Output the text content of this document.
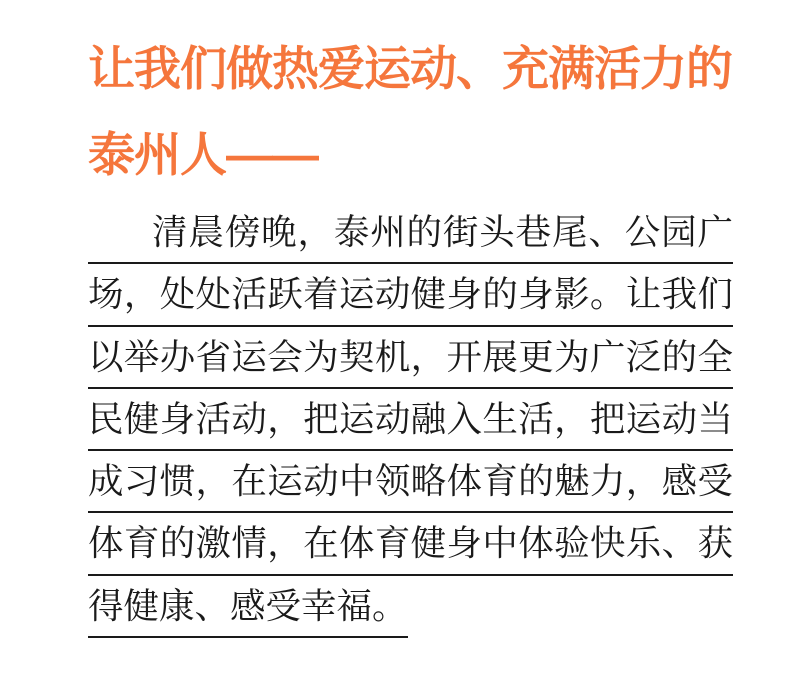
让我们做热爱运动、充满活力的
泰州人——
清晨傍晚，泰州的街头巷尾、公园广
场，处处活跃着运动健身的身影。让我们
以举办省运会为契机，开展更为广泛的全
民健身活动，把运动融入生活，把运动当
成习惯，在运动中领略体育的魅力，感受
体育的激情，在体育健身中体验快乐、获
得健康、感受幸福。
